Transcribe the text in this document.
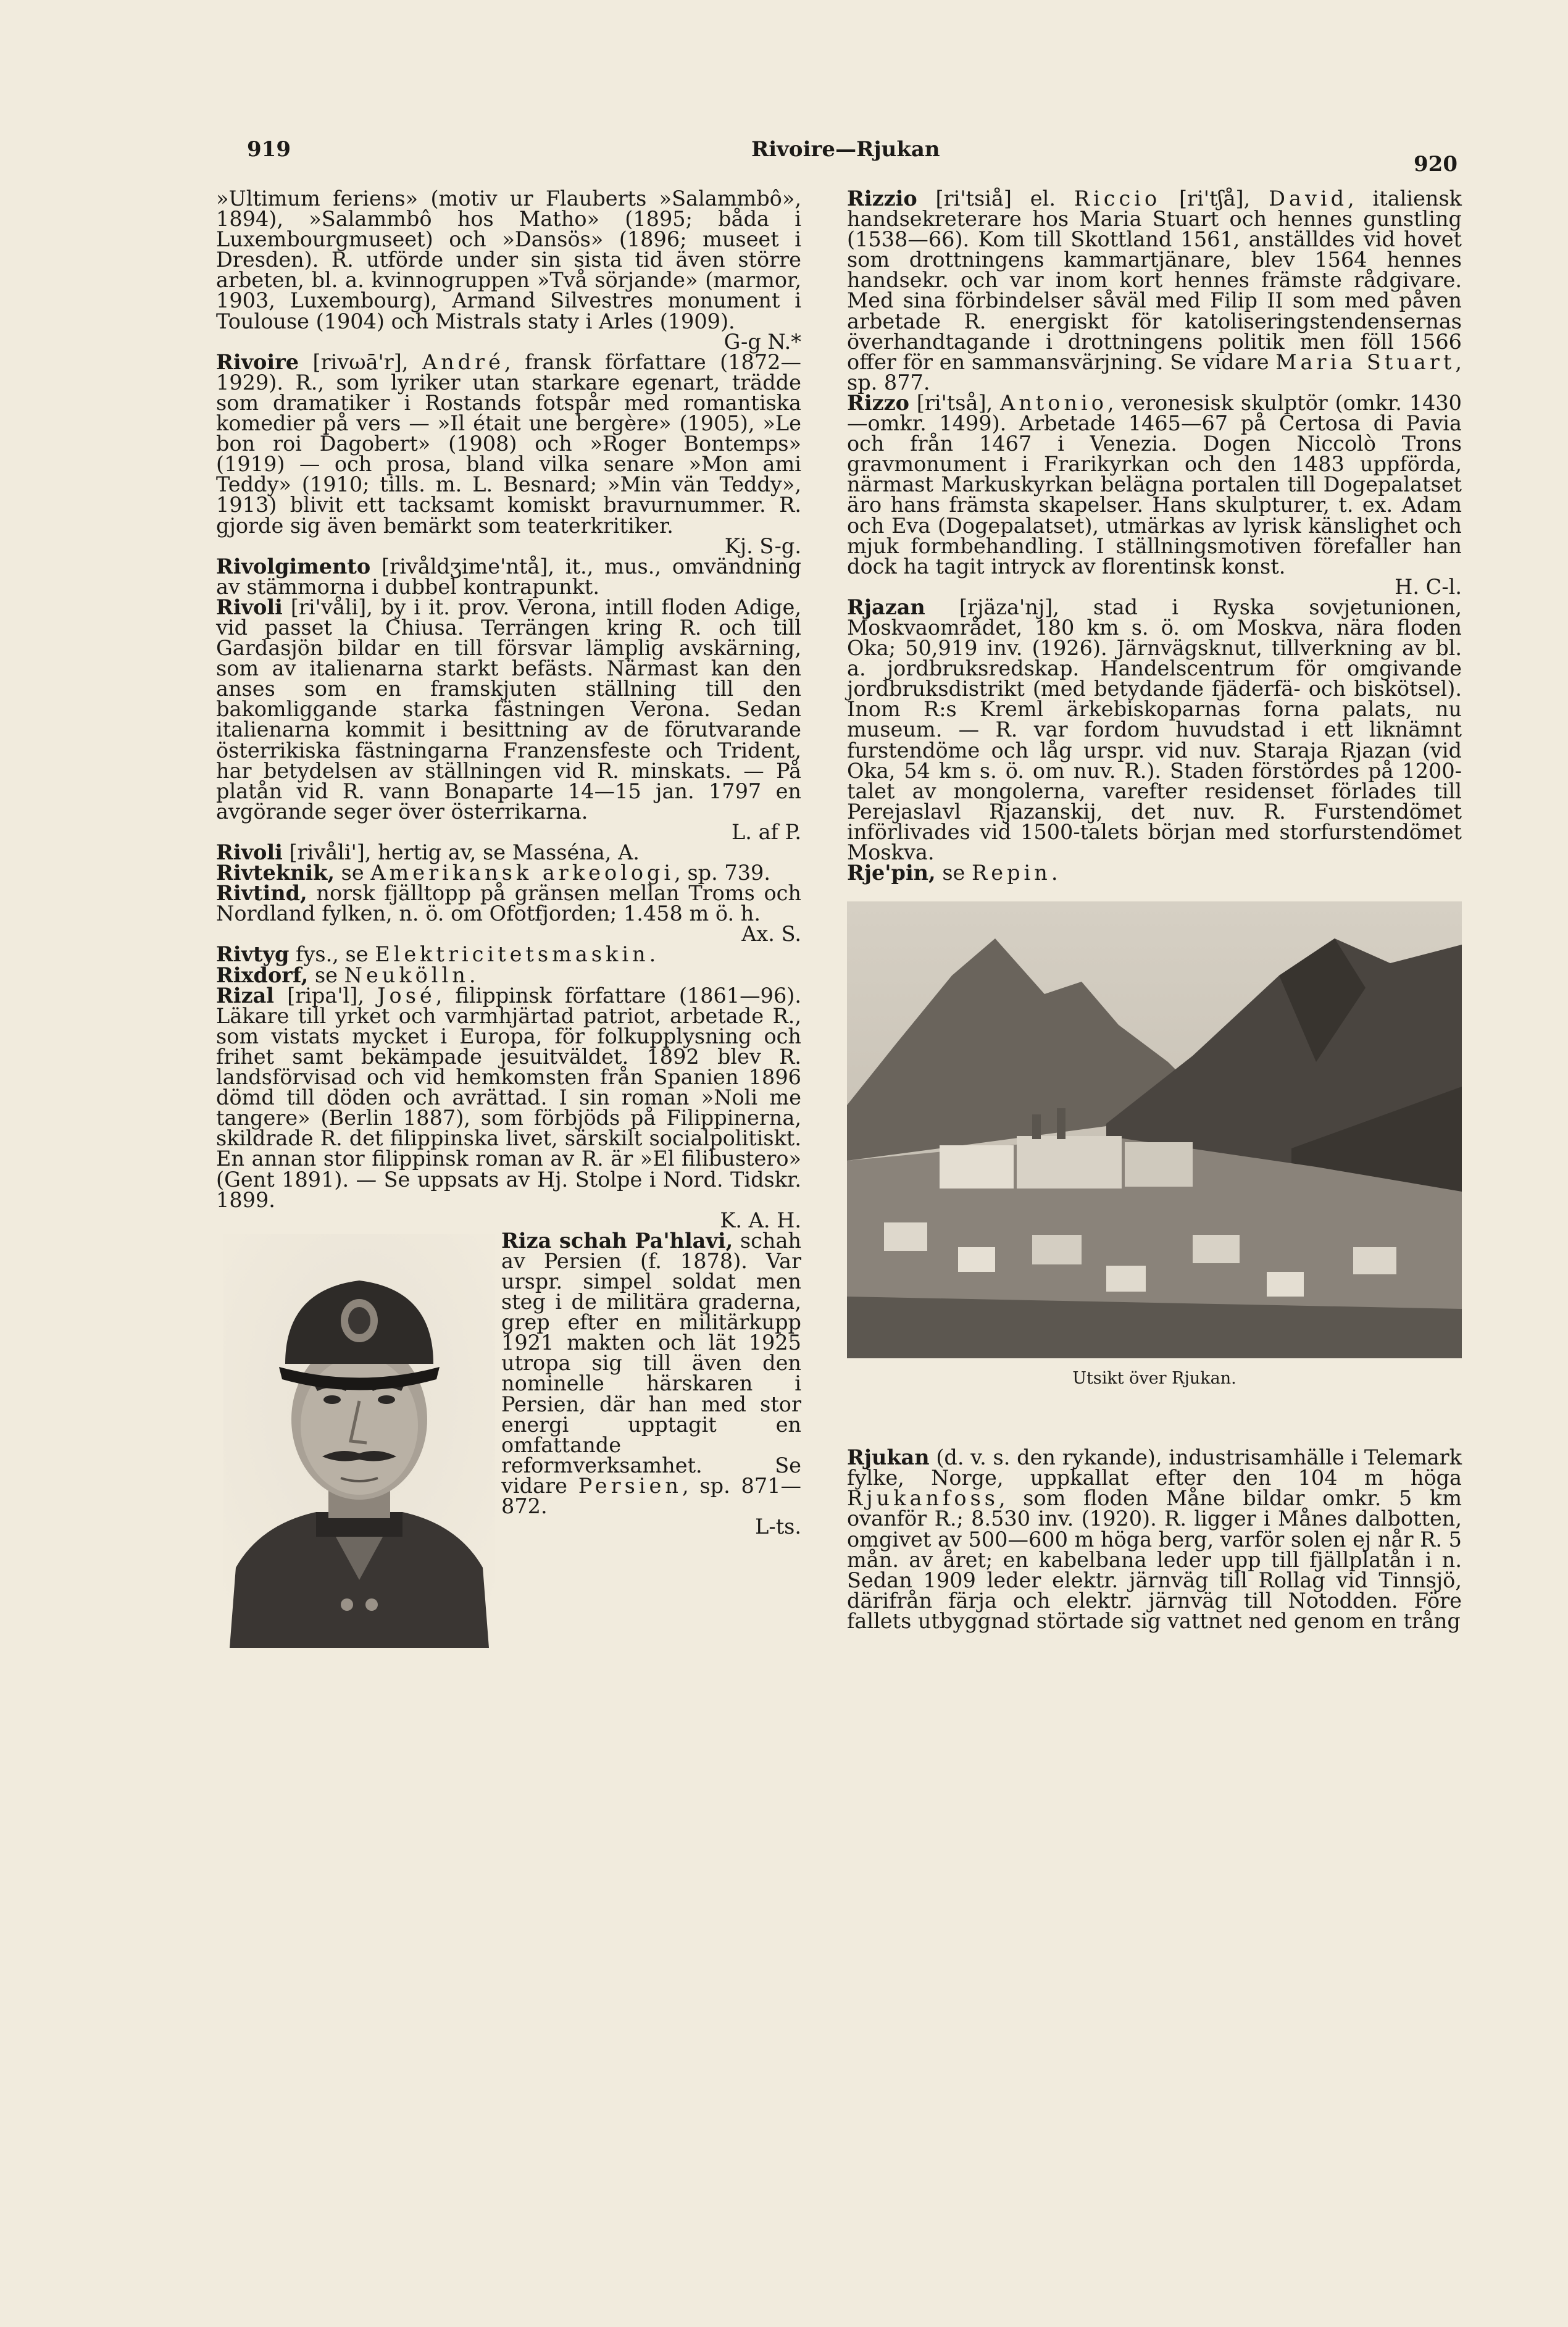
919	Rivoire—Rjukan
920

»Ultimum feriens» (motiv ur Flauberts »Salammbô», 1894), »Salammbô hos Matho» (1895; båda i Luxembourgmuseet) och »Dansös» (1896; museet i Dresden). R. utförde under sin sista tid även större arbeten, bl. a. kvinnogruppen »Två sörjande» (marmor, 1903, Luxembourg), Armand Silvestres monument i Toulouse (1904) och Mistrals staty i Arles (1909).
G-g N.*

Rivoire [rivωā'r], André, fransk författare (1872—1929). R., som lyriker utan starkare egenart, trädde som dramatiker i Rostands fotspår med romantiska komedier på vers — »Il était une bergère» (1905), »Le bon roi Dagobert» (1908) och »Roger Bontemps» (1919) — och prosa, bland vilka senare »Mon ami Teddy» (1910; tills. m. L. Besnard; »Min vän Teddy», 1913) blivit ett tacksamt komiskt bravurnummer. R. gjorde sig även bemärkt som teaterkritiker.
Kj. S-g.

Rivolgimento [rivåldʒime'ntå], it., mus., omvändning av stämmorna i dubbel kontrapunkt.

Rivoli [ri'våli], by i it. prov. Verona, intill floden Adige, vid passet la Chiusa. Terrängen kring R. och till Gardasjön bildar en till försvar lämplig avskärning, som av italienarna starkt befästs. Närmast kan den anses som en framskjuten ställning till den bakomliggande starka fästningen Verona. Sedan italienarna kommit i besittning av de förutvarande österrikiska fästningarna Franzensfeste och Trident, har betydelsen av ställningen vid R. minskats. — På platån vid R. vann Bonaparte 14—15 jan. 1797 en avgörande seger över österrikarna.
L. af P.

Rivoli [rivåli'], hertig av, se Masséna, A.

Rivteknik, se Amerikansk arkeologi, sp. 739.

Rivtind, norsk fjälltopp på gränsen mellan Troms och Nordland fylken, n. ö. om Ofotfjorden; 1.458 m ö. h.
Ax. S.

Rivtyg fys., se Elektricitetsmaskin.

Rixdorf, se Neukölln.

Rizal [ripa'l], José, filippinsk författare (1861—96). Läkare till yrket och varmhjärtad patriot, arbetade R., som vistats mycket i Europa, för folkupplysning och frihet samt bekämpade jesuitväldet. 1892 blev R. landsförvisad och vid hemkomsten från Spanien 1896 dömd till döden och avrättad. I sin roman »Noli me tangere» (Berlin 1887), som förbjöds på Filippinerna, skildrade R. det filippinska livet, särskilt socialpolitiskt. En annan stor filippinsk roman av R. är »El filibustero» (Gent 1891). — Se uppsats av Hj. Stolpe i Nord. Tidskr. 1899.
K. A. H.

Riza schah Pa'hlavi,
schah av Persien (f. 1878). Var urspr. simpel soldat men steg i de militära graderna, grep efter en militärkupp 1921 makten och lät 1925 utropa sig till även den nominelle härskaren i Persien, där han med stor energi upptagit en omfattande reformverksamhet. Se vidare Persien, sp. 871—872.
L-ts.

Rizzio [ri'tsiå] el. Riccio [ri'tʃå], David, italiensk handsekreterare hos Maria Stuart och hennes gunstling (1538—66). Kom till Skottland 1561, anställdes vid hovet som drottningens kammartjänare, blev 1564 hennes handsekr. och var inom kort hennes främste rådgivare. Med sina förbindelser såväl med Filip II som med påven arbetade R. energiskt för katoliseringstendensernas överhandtagande i drottningens politik men föll 1566 offer för en sammansvärjning. Se vidare Maria Stuart, sp. 877.

Rizzo [ri'tså], Antonio, veronesisk skulptör (omkr. 1430—omkr. 1499). Arbetade 1465—67 på Certosa di Pavia och från 1467 i Venezia. Dogen Niccolò Trons gravmonument i Frarikyrkan och den 1483 uppförda, närmast Markuskyrkan belägna portalen till Dogepalatset äro hans främsta skapelser. Hans skulpturer, t. ex. Adam och Eva (Dogepalatset), utmärkas av lyrisk känslighet och mjuk formbehandling. I ställningsmotiven förefaller han dock ha tagit intryck av florentinsk konst.
H. C-l.

Rjazan [rjäza'nj], stad i Ryska sovjetunionen, Moskvaområdet, 180 km s. ö. om Moskva, nära floden Oka; 50,919 inv. (1926). Järnvägsknut, tillverkning av bl. a. jordbruksredskap. Handelscentrum för omgivande jordbruksdistrikt (med betydande fjäderfä- och biskötsel). Inom R:s Kreml ärkebiskoparnas forna palats, nu museum. — R. var fordom huvudstad i ett liknämnt furstendöme och låg urspr. vid nuv. Staraja Rjazan (vid Oka, 54 km s. ö. om nuv. R.). Staden förstördes på 1200-talet av mongolerna, varefter residenset förlades till Perejaslavl Rjazanskij, det nuv. R. Furstendömet införlivades vid 1500-talets början med storfurstendömet Moskva.

Rje'pin, se Repin.

Utsikt över Rjukan.

Rjukan (d. v. s. den rykande), industrisamhälle i Telemark fylke, Norge, uppkallat efter den 104 m höga Rjukanfoss, som floden Måne bildar omkr. 5 km ovanför R.; 8.530 inv. (1920). R. ligger i Månes dalbotten, omgivet av 500—600 m höga berg, varför solen ej når R. 5 mån. av året; en kabelbana leder upp till fjällplatån i n. Sedan 1909 leder elektr. järnväg till Rollag vid Tinnsjö, därifrån färja och elektr. järnväg till Notodden. Före fallets utbyggnad störtade sig vattnet ned genom en trång
